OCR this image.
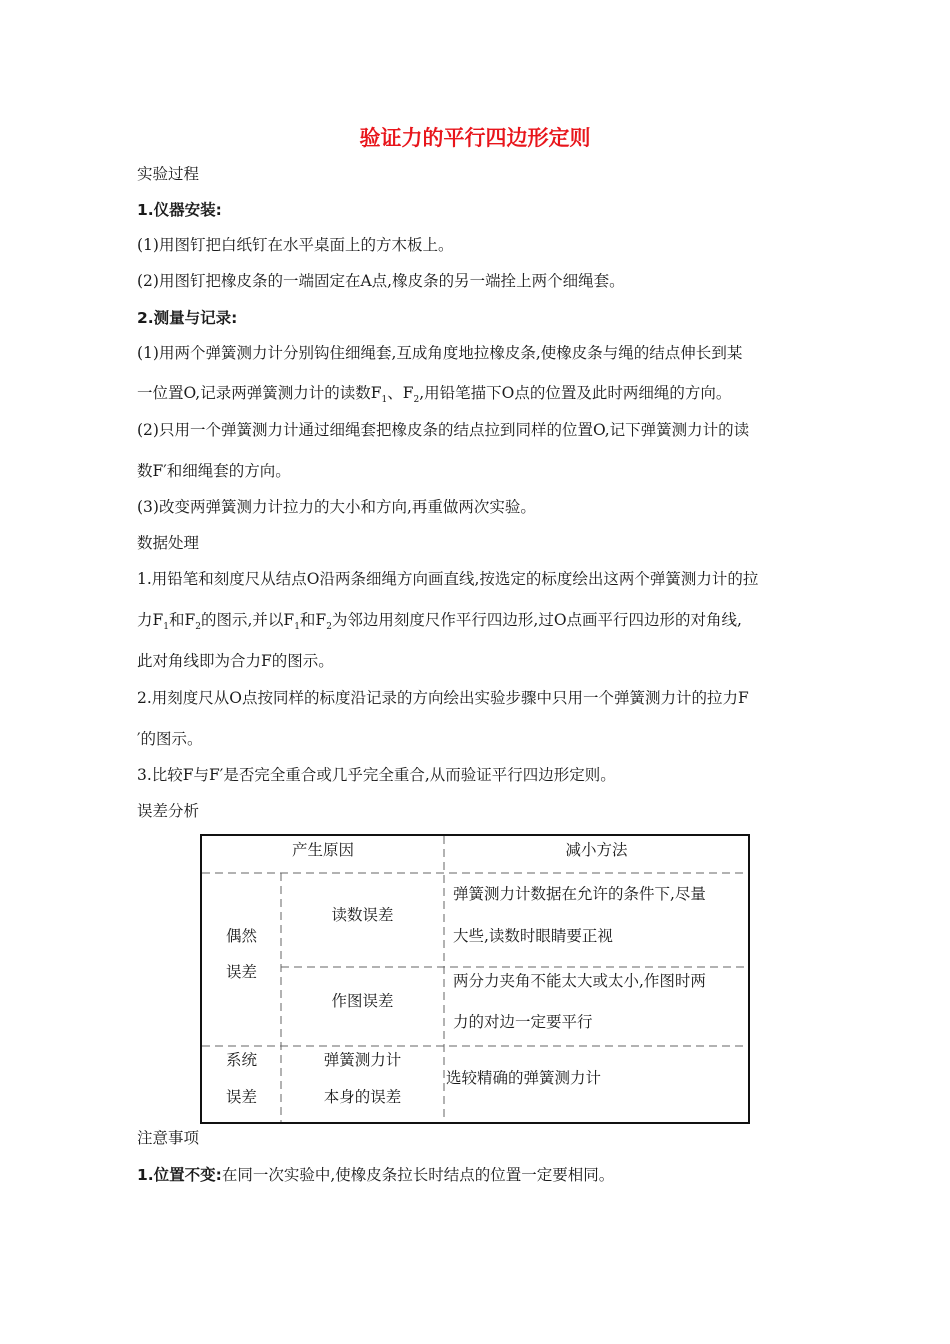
验证力的平行四边形定则
实验过程
1.仪器安装:
(1)用图钉把白纸钉在水平桌面上的方木板上。
(2)用图钉把橡皮条的一端固定在A点,橡皮条的另一端拴上两个细绳套。
2.测量与记录:
(1)用两个弹簧测力计分别钩住细绳套,互成角度地拉橡皮条,使橡皮条与绳的结点伸长到某
一位置O,记录两弹簧测力计的读数$F_1$、$F_2$,用铅笔描下O点的位置及此时两细绳的方向。
(2)只用一个弹簧测力计通过细绳套把橡皮条的结点拉到同样的位置O,记下弹簧测力计的读
数F′和细绳套的方向。
(3)改变两弹簧测力计拉力的大小和方向,再重做两次实验。
数据处理
1.用铅笔和刻度尺从结点O沿两条细绳方向画直线,按选定的标度绘出这两个弹簧测力计的拉
力$F_1$和$F_2$的图示,并以$F_1$和$F_2$为邻边用刻度尺作平行四边形,过O点画平行四边形的对角线,
此对角线即为合力F的图示。
2.用刻度尺从O点按同样的标度沿记录的方向绘出实验步骤中只用一个弹簧测力计的拉力F
′的图示。
3.比较F与F′是否完全重合或几乎完全重合,从而验证平行四边形定则。
误差分析
产生原因	减小方法
偶然
误差
读数误差
弹簧测力计数据在允许的条件下,尽量
大些,读数时眼睛要正视
作图误差
两分力夹角不能太大或太小,作图时两
力的对边一定要平行
系统
误差
弹簧测力计
本身的误差
选较精确的弹簧测力计
注意事项
1.位置不变:在同一次实验中,使橡皮条拉长时结点的位置一定要相同。
